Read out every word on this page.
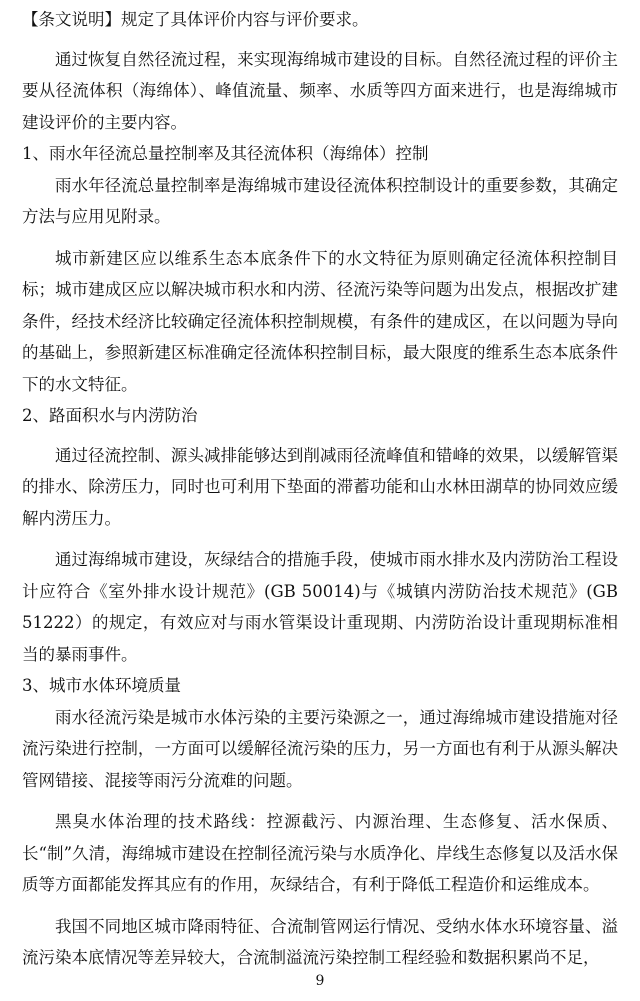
【条文说明】规定了具体评价内容与评价要求。

通过恢复自然径流过程，来实现海绵城市建设的目标。自然径流过程的评价主要从径流体积（海绵体）、峰值流量、频率、水质等四方面来进行，也是海绵城市建设评价的主要内容。

1、雨水年径流总量控制率及其径流体积（海绵体）控制

雨水年径流总量控制率是海绵城市建设径流体积控制设计的重要参数，其确定方法与应用见附录。

城市新建区应以维系生态本底条件下的水文特征为原则确定径流体积控制目标；城市建成区应以解决城市积水和内涝、径流污染等问题为出发点，根据改扩建条件，经技术经济比较确定径流体积控制规模，有条件的建成区，在以问题为导向的基础上，参照新建区标准确定径流体积控制目标，最大限度的维系生态本底条件下的水文特征。

2、路面积水与内涝防治

通过径流控制、源头减排能够达到削减雨径流峰值和错峰的效果，以缓解管渠的排水、除涝压力，同时也可利用下垫面的滞蓄功能和山水林田湖草的协同效应缓解内涝压力。

通过海绵城市建设，灰绿结合的措施手段，使城市雨水排水及内涝防治工程设计应符合《室外排水设计规范》(GB 50014)与《城镇内涝防治技术规范》(GB 51222）的规定，有效应对与雨水管渠设计重现期、内涝防治设计重现期标准相当的暴雨事件。

3、城市水体环境质量

雨水径流污染是城市水体污染的主要污染源之一，通过海绵城市建设措施对径流污染进行控制，一方面可以缓解径流污染的压力，另一方面也有利于从源头解决管网错接、混接等雨污分流难的问题。

黑臭水体治理的技术路线：控源截污、内源治理、生态修复、活水保质、长“制”久清，海绵城市建设在控制径流污染与水质净化、岸线生态修复以及活水保质等方面都能发挥其应有的作用，灰绿结合，有利于降低工程造价和运维成本。

我国不同地区城市降雨特征、合流制管网运行情况、受纳水体水环境容量、溢流污染本底情况等差异较大，合流制溢流污染控制工程经验和数据积累尚不足，

9
